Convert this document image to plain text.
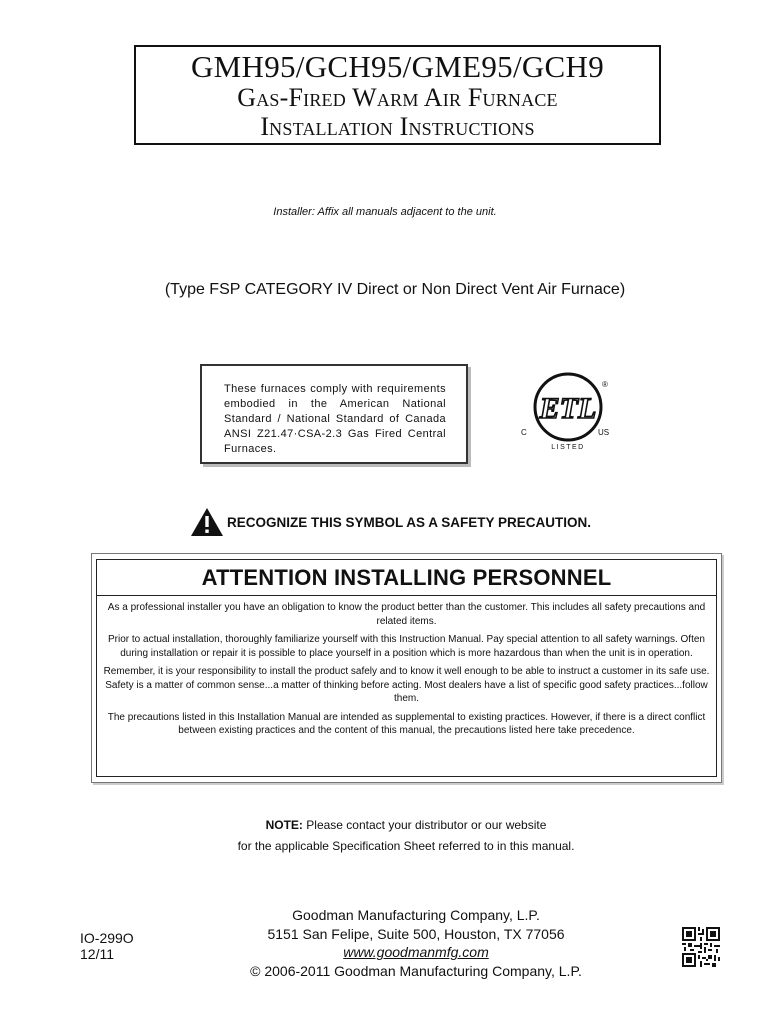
GMH95/GCH95/GME95/GCH9
Gas-Fired Warm Air Furnace
Installation Instructions
Installer: Affix all manuals adjacent to the unit.
(Type FSP CATEGORY IV Direct or Non Direct Vent Air Furnace)
These furnaces comply with requirements embodied in the American National Standard / National Standard of Canada ANSI Z21.47·CSA-2.3 Gas Fired Central Furnaces.
ETL
®
LISTED
C	US
RECOGNIZE THIS SYMBOL AS A SAFETY PRECAUTION.
ATTENTION INSTALLING PERSONNEL
As a professional installer you have an obligation to know the product better than the customer. This includes all safety precautions and related items.
Prior to actual installation, thoroughly familiarize yourself with this Instruction Manual. Pay special attention to all safety warnings. Often during installation or repair it is possible to place yourself in a position which is more hazardous than when the unit is in operation.
Remember, it is your responsibility to install the product safely and to know it well enough to be able to instruct a customer in its safe use.
Safety is a matter of common sense...a matter of thinking before acting. Most dealers have a list of specific good safety practices...follow them.
The precautions listed in this Installation Manual are intended as supplemental to existing practices. However, if there is a direct conflict between existing practices and the content of this manual, the precautions listed here take precedence.
NOTE: Please contact your distributor or our website
for the applicable Specification Sheet referred to in this manual.
Goodman Manufacturing Company, L.P.
5151 San Felipe, Suite 500, Houston, TX 77056
www.goodmanmfg.com
© 2006-2011 Goodman Manufacturing Company, L.P.
IO-299O
12/11
